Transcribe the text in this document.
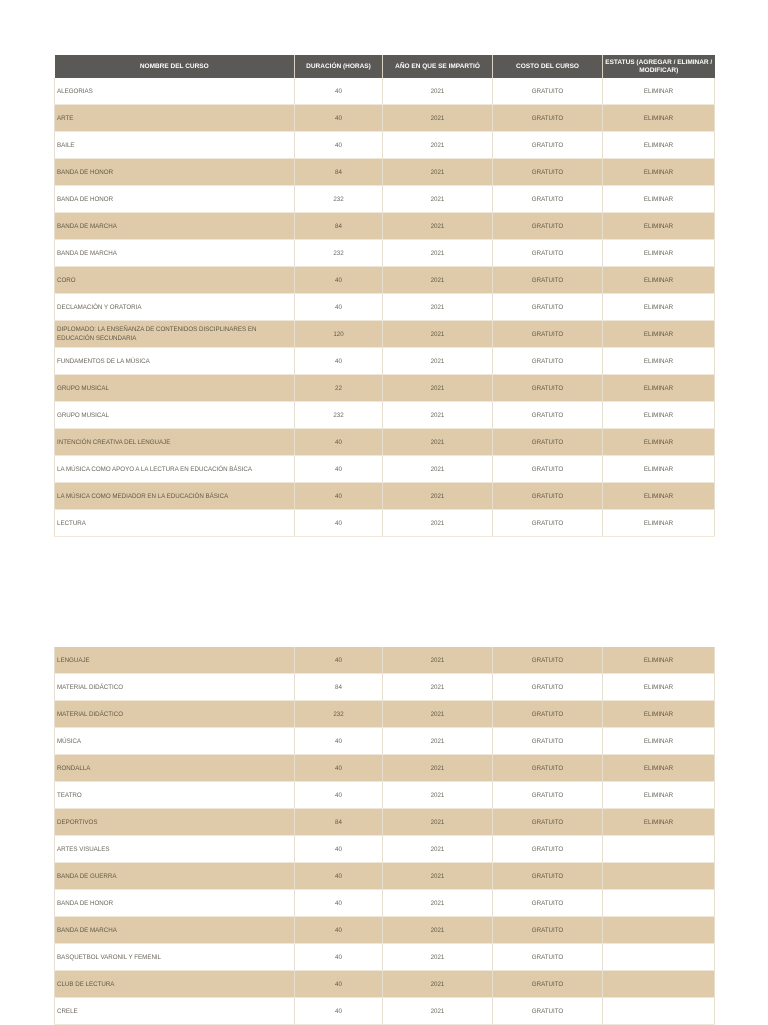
NOMBRE DEL CURSO	DURACIÓN (HORAS)	AÑO EN QUE SE IMPARTIÓ	COSTO DEL CURSO	ESTATUS (AGREGAR / ELIMINAR / MODIFICAR)
ALEGORIAS	40	2021	GRATUITO	ELIMINAR
ARTE	40	2021	GRATUITO	ELIMINAR
BAILE	40	2021	GRATUITO	ELIMINAR
BANDA DE HONOR	84	2021	GRATUITO	ELIMINAR
BANDA DE HONOR	232	2021	GRATUITO	ELIMINAR
BANDA DE MARCHA	84	2021	GRATUITO	ELIMINAR
BANDA DE MARCHA	232	2021	GRATUITO	ELIMINAR
CORO	40	2021	GRATUITO	ELIMINAR
DECLAMACIÓN Y ORATORIA	40	2021	GRATUITO	ELIMINAR
DIPLOMADO: LA ENSEÑANZA DE CONTENIDOS DISCIPLINARES EN EDUCACIÓN SECUNDARIA	120	2021	GRATUITO	ELIMINAR
FUNDAMENTOS DE LA MÚSICA	40	2021	GRATUITO	ELIMINAR
GRUPO MUSICAL	22	2021	GRATUITO	ELIMINAR
GRUPO MUSICAL	232	2021	GRATUITO	ELIMINAR
INTENCIÓN CREATIVA DEL LENGUAJE	40	2021	GRATUITO	ELIMINAR
LA MÚSICA COMO APOYO A LA LECTURA EN EDUCACIÓN BÁSICA	40	2021	GRATUITO	ELIMINAR
LA MÚSICA COMO MEDIADOR EN LA EDUCACIÓN BÁSICA	40	2021	GRATUITO	ELIMINAR
LECTURA	40	2021	GRATUITO	ELIMINAR
LENGUAJE	40	2021	GRATUITO	ELIMINAR
MATERIAL DIDÁCTICO	84	2021	GRATUITO	ELIMINAR
MATERIAL DIDÁCTICO	232	2021	GRATUITO	ELIMINAR
MÚSICA	40	2021	GRATUITO	ELIMINAR
RONDALLA	40	2021	GRATUITO	ELIMINAR
TEATRO	40	2021	GRATUITO	ELIMINAR
DEPORTIVOS	84	2021	GRATUITO	ELIMINAR
ARTES VISUALES	40	2021	GRATUITO	
BANDA DE GUERRA	40	2021	GRATUITO	
BANDA DE HONOR	40	2021	GRATUITO	
BANDA DE MARCHA	40	2021	GRATUITO	
BASQUETBOL VARONIL Y FEMENIL	40	2021	GRATUITO	
CLUB DE LECTURA	40	2021	GRATUITO	
CRELE	40	2021	GRATUITO	
